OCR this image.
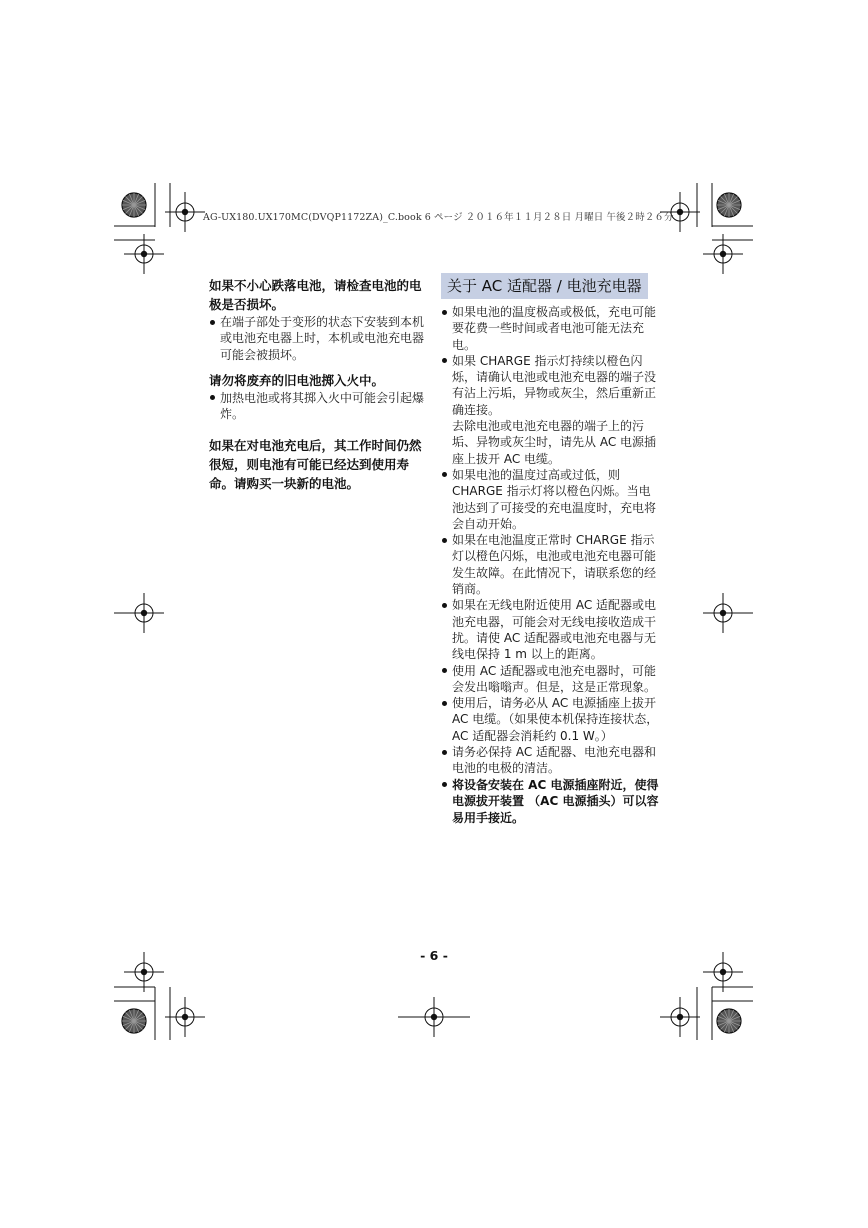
AG-UX180.UX170MC(DVQP1172ZA)_C.book 6 ページ ２０１６年１１月２８日 月曜日 午後２時２６分

如果不小心跌落电池，请检查电池的电极是否损坏。

在端子部处于变形的状态下安装到本机或电池充电器上时，本机或电池充电器可能会被损坏。

请勿将废弃的旧电池掷入火中。

加热电池或将其掷入火中可能会引起爆炸。

如果在对电池充电后，其工作时间仍然很短，则电池有可能已经达到使用寿命。请购买一块新的电池。

关于 AC 适配器 / 电池充电器

如果电池的温度极高或极低，充电可能要花费一些时间或者电池可能无法充电。

如果 CHARGE 指示灯持续以橙色闪烁，请确认电池或电池充电器的端子没有沾上污垢，异物或灰尘，然后重新正确连接。
去除电池或电池充电器的端子上的污垢、异物或灰尘时，请先从 AC 电源插座上拔开 AC 电缆。

如果电池的温度过高或过低，则 CHARGE 指示灯将以橙色闪烁。当电池达到了可接受的充电温度时，充电将会自动开始。

如果在电池温度正常时 CHARGE 指示灯以橙色闪烁，电池或电池充电器可能发生故障。在此情况下，请联系您的经销商。

如果在无线电附近使用 AC 适配器或电池充电器，可能会对无线电接收造成干扰。请使 AC 适配器或电池充电器与无线电保持 1 m 以上的距离。

使用 AC 适配器或电池充电器时，可能会发出嗡嗡声。但是，这是正常现象。

使用后，请务必从 AC 电源插座上拔开 AC 电缆。（如果使本机保持连接状态， AC 适配器会消耗约 0.1 W。）

请务必保持 AC 适配器、电池充电器和电池的电极的清洁。

将设备安装在 AC 电源插座附近，使得电源拔开装置 （AC 电源插头）可以容易用手接近。

- 6 -
